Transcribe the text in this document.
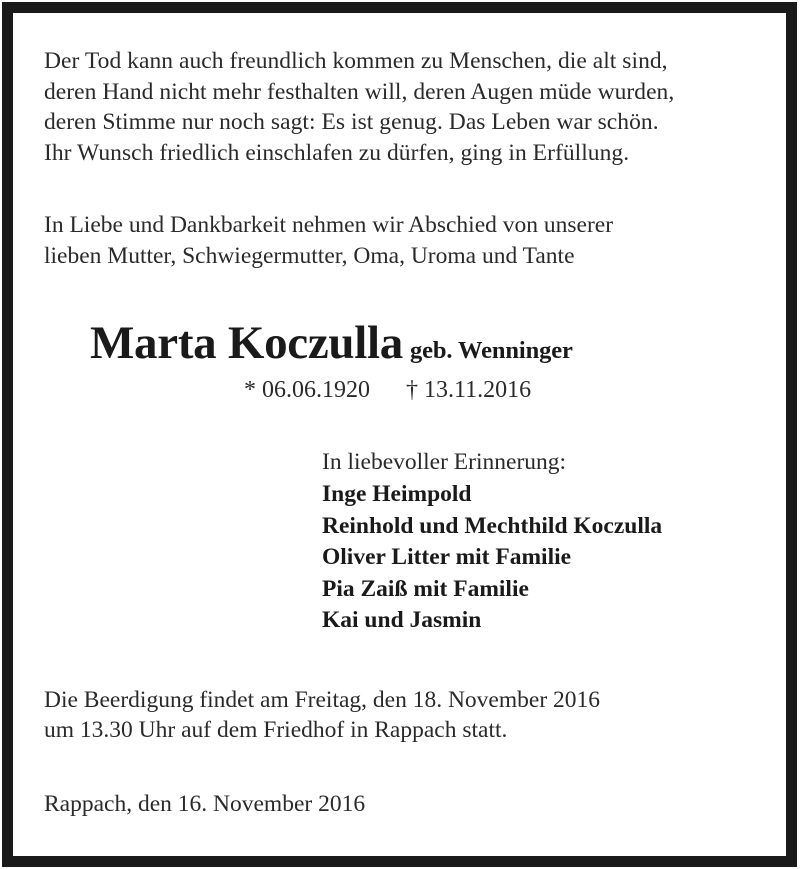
Der Tod kann auch freundlich kommen zu Menschen, die alt sind,
deren Hand nicht mehr festhalten will, deren Augen müde wurden,
deren Stimme nur noch sagt: Es ist genug. Das Leben war schön.
Ihr Wunsch friedlich einschlafen zu dürfen, ging in Erfüllung.
In Liebe und Dankbarkeit nehmen wir Abschied von unserer
lieben Mutter, Schwiegermutter, Oma, Uroma und Tante
Marta Koczulla geb. Wenninger
* 06.06.1920 † 13.11.2016
In liebevoller Erinnerung:
Inge Heimpold
Reinhold und Mechthild Koczulla
Oliver Litter mit Familie
Pia Zaiß mit Familie
Kai und Jasmin
Die Beerdigung findet am Freitag, den 18. November 2016
um 13.30 Uhr auf dem Friedhof in Rappach statt.
Rappach, den 16. November 2016
